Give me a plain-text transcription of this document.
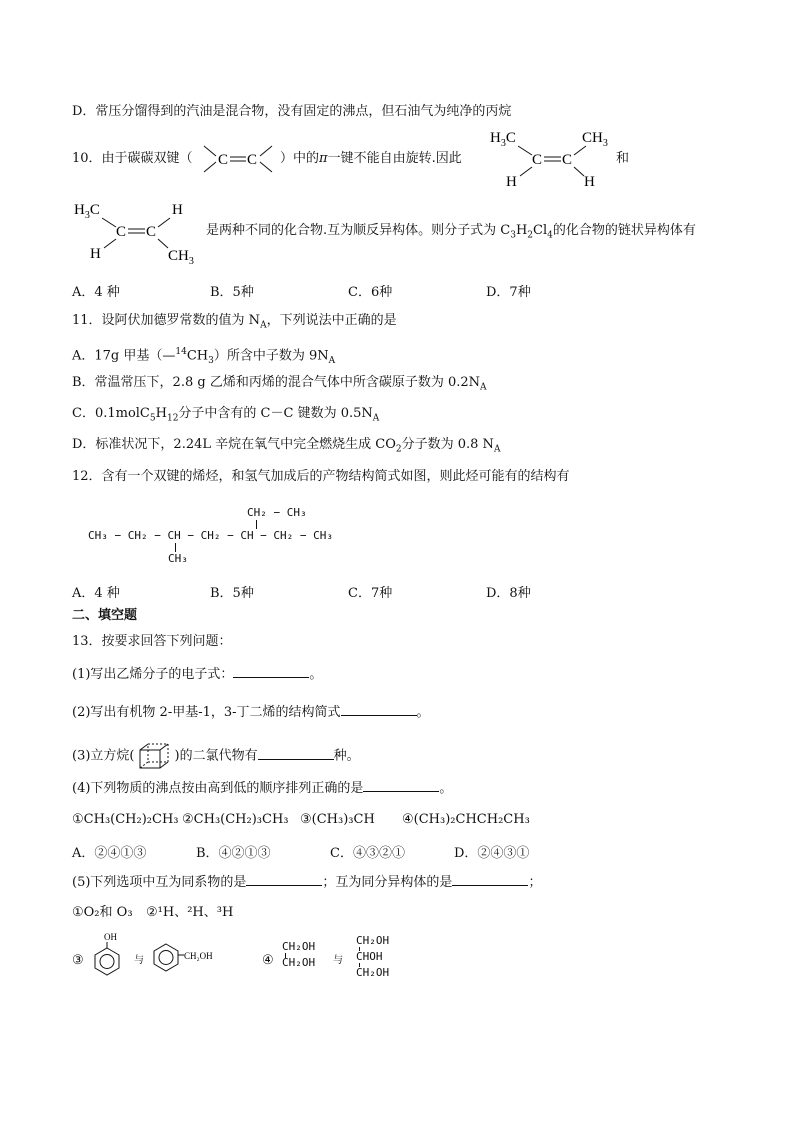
D．常压分馏得到的汽油是混合物，没有固定的沸点，但石油气为纯净的丙烷
10．由于碳碳双键（ C C ）中的π一键不能自由旋转.因此
$H_3C$
C C
$CH_3$
H	H
和
$H_3C$
C C
H
H	$CH_3$
是两种不同的化合物.互为顺反异构体。则分子式为 $C_3H_2Cl_4$的化合物的链状异构体有
A．4 种	B．5种	C．6种	D．7种
11．设阿伏加德罗常数的值为 $N_A$，下列说法中正确的是
A．17g 甲基$(—^{14}CH_3)$所含中子数为 $9N_A$
B．常温常压下，2.8 g 乙烯和丙烯的混合气体中所含碳原子数为 $0.2N_A$
C．$0.1molC_5H_{12}$分子中含有的 C－C 键数为 $0.5N_A$
D．标准状况下，2.24L 辛烷在氧气中完全燃烧生成 $CO_2$分子数为 0.8 $N_A$
12．含有一个双键的烯烃，和氢气加成后的产物结构简式如图，则此烃可能有的结构有
CH₂ − CH₃
CH₃ − CH₂ − CH − CH₂ − CH − CH₂ − CH₃
CH₃
A．4 种	B．5种	C．7种	D．8种
二、填空题
13．按要求回答下列问题：
(1)写出乙烯分子的电子式：	。
(2)写出有机物 2-甲基-1，3-丁二烯的结构简式	。
(3)立方烷(	)的二氯代物有	种。
(4)下列物质的沸点按由高到低的顺序排列正确的是	。
①CH₃(CH₂)₂CH₃ ②CH₃(CH₂)₃CH₃ ③(CH₃)₃CH ④(CH₃)₂CHCH₂CH₃
A．②④①③	B．④②①③	C．④③②①	D．②④③①
(5)下列选项中互为同系物的是	；互为同分异构体的是	；
①O₂和 O₃ ②¹H、²H、³H
③
OH
与	CH₂OH	④
CH₂OH
CH₂OH 与
CH₂OH
CHOH
CH₂OH
